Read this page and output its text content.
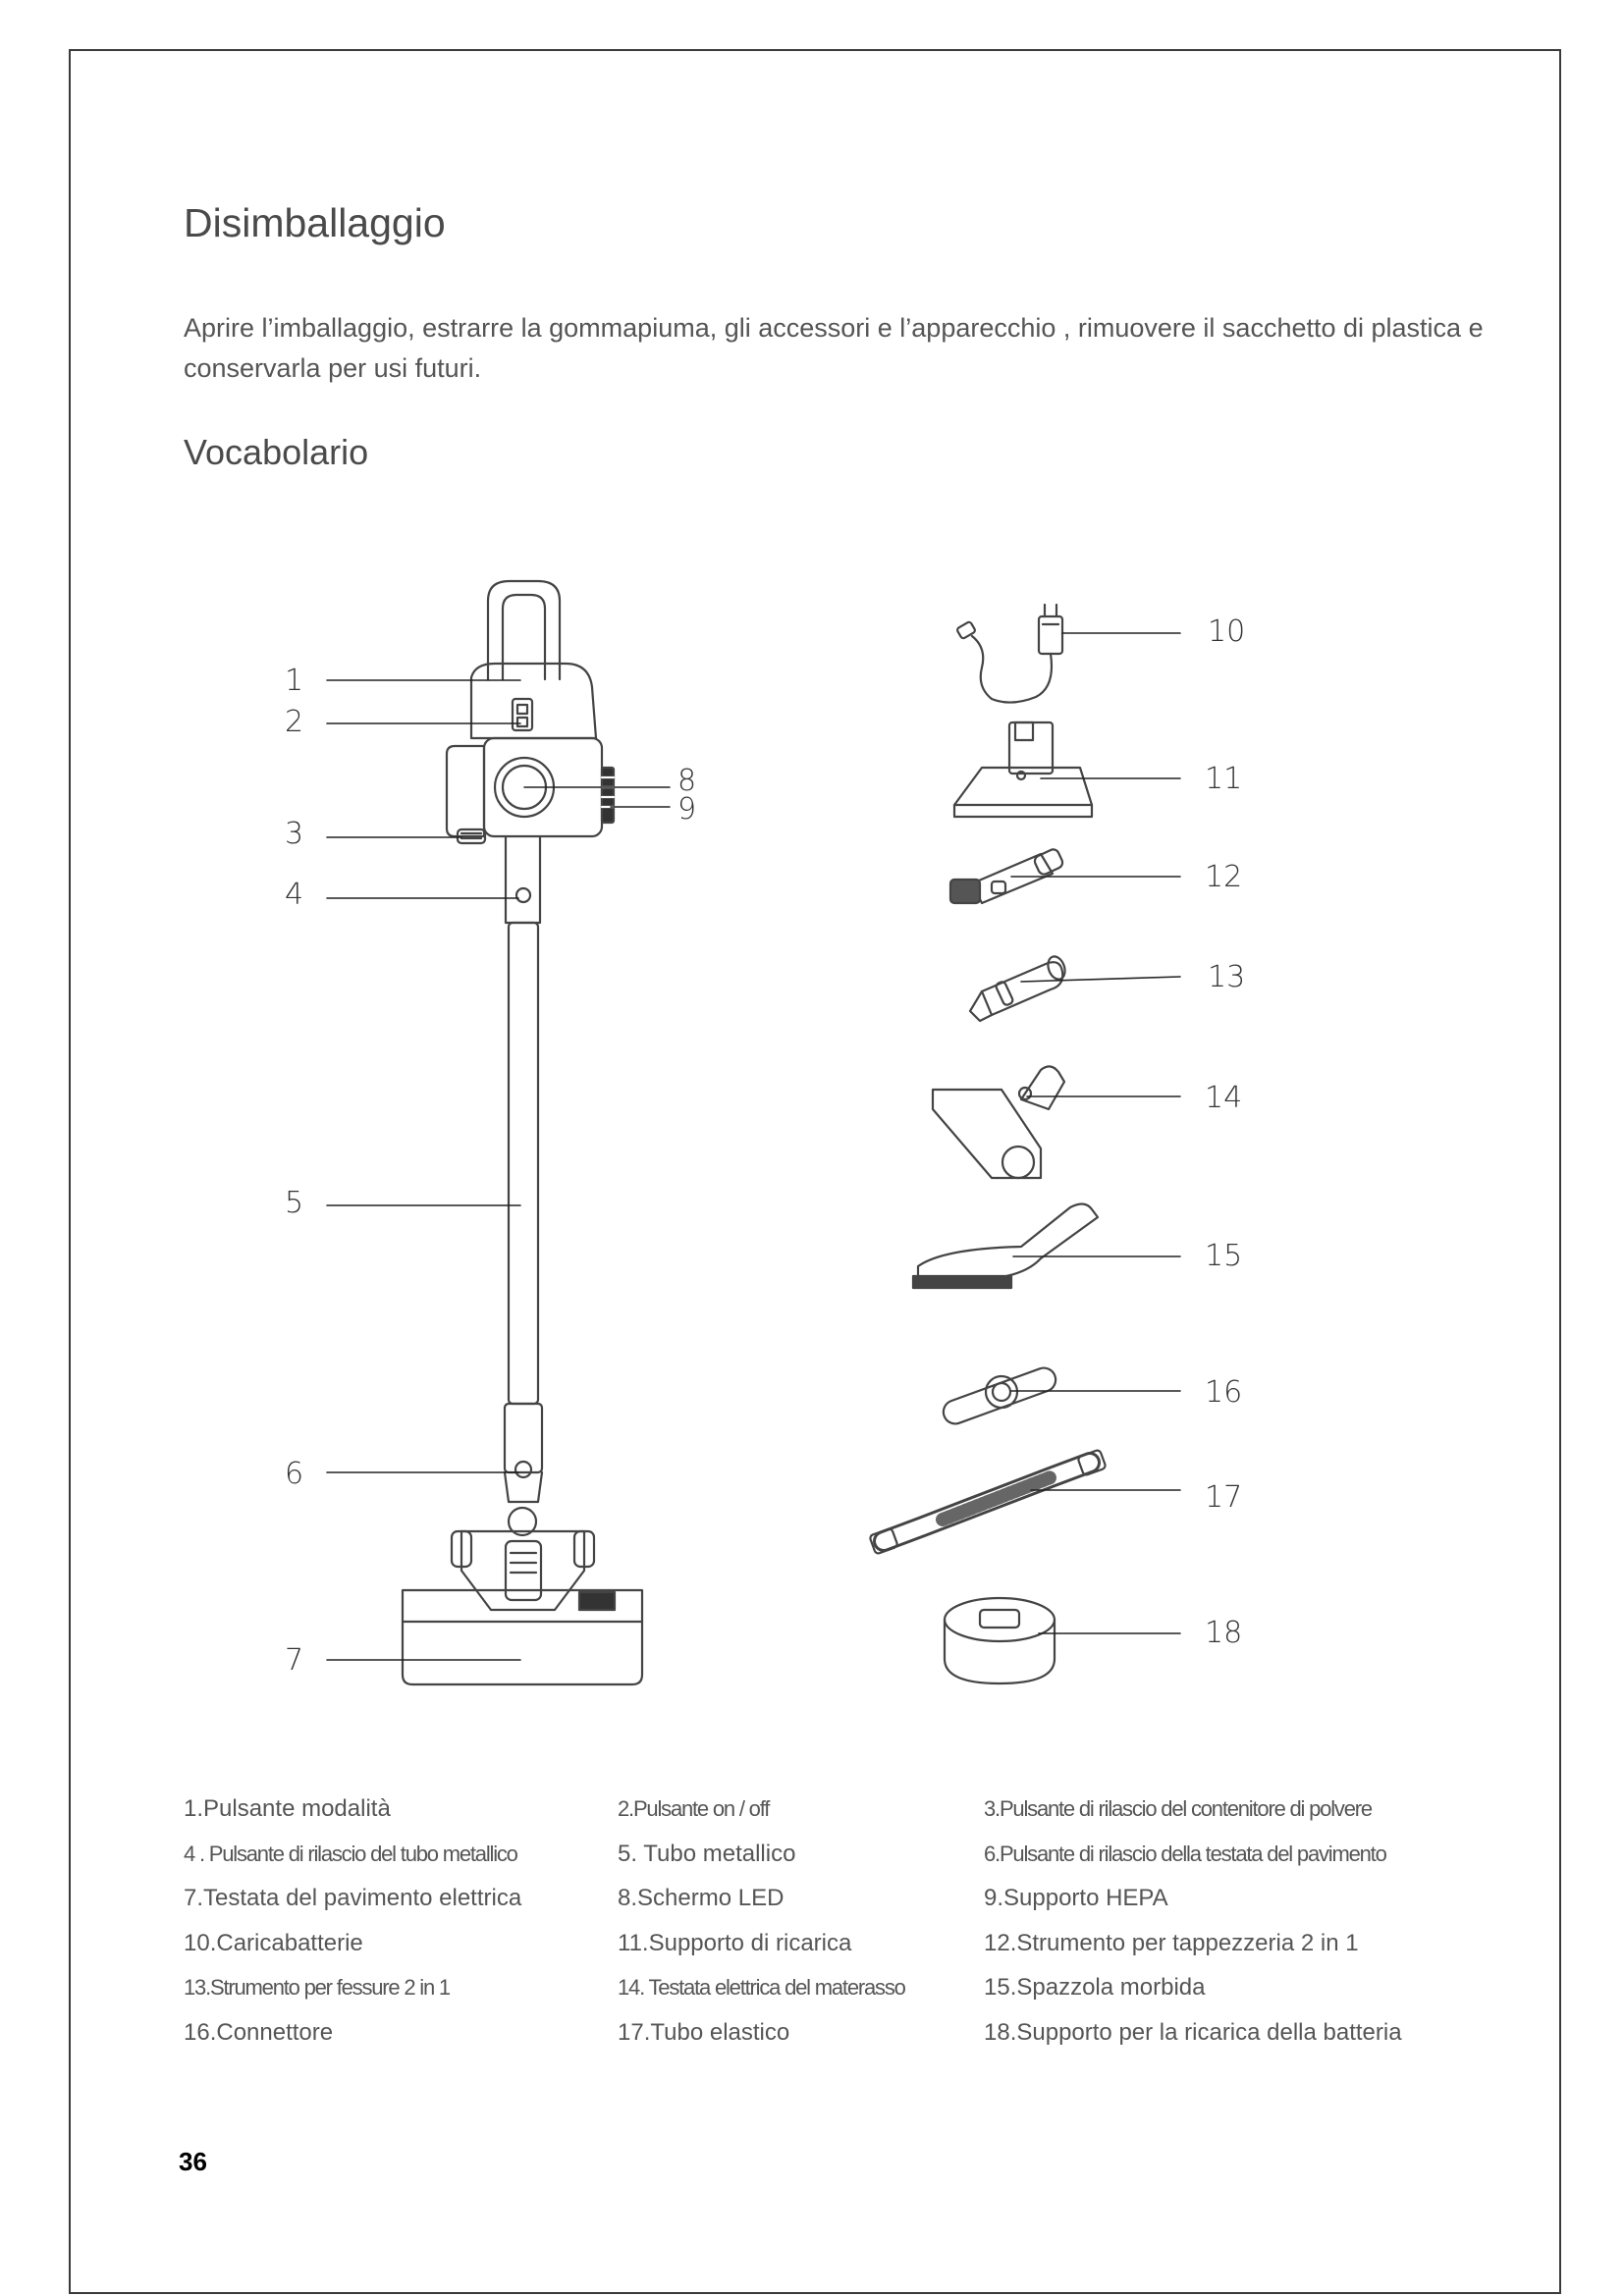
Disimballaggio

Aprire l’imballaggio, estrarre la gommapiuma, gli accessori e l’apparecchio , rimuovere il sacchetto di plastica e conservarla per usi futuri.

Vocabolario
1
2
3
4
5
6
7
8
9
10
11
12
13
14
15
16
17
18
1.Pulsante modalità	2.Pulsante on / off	3.Pulsante di rilascio del contenitore di polvere
4 . Pulsante di rilascio del tubo metallico	5. Tubo metallico	6.Pulsante di rilascio della testata del pavimento
7.Testata del pavimento elettrica	8.Schermo LED	9.Supporto HEPA
10.Caricabatterie	11.Supporto di ricarica	12.Strumento per tappezzeria 2 in 1
13.Strumento per fessure 2 in 1	14. Testata elettrica del materasso	15.Spazzola morbida
16.Connettore	17.Tubo elastico	18.Supporto per la ricarica della batteria
36
